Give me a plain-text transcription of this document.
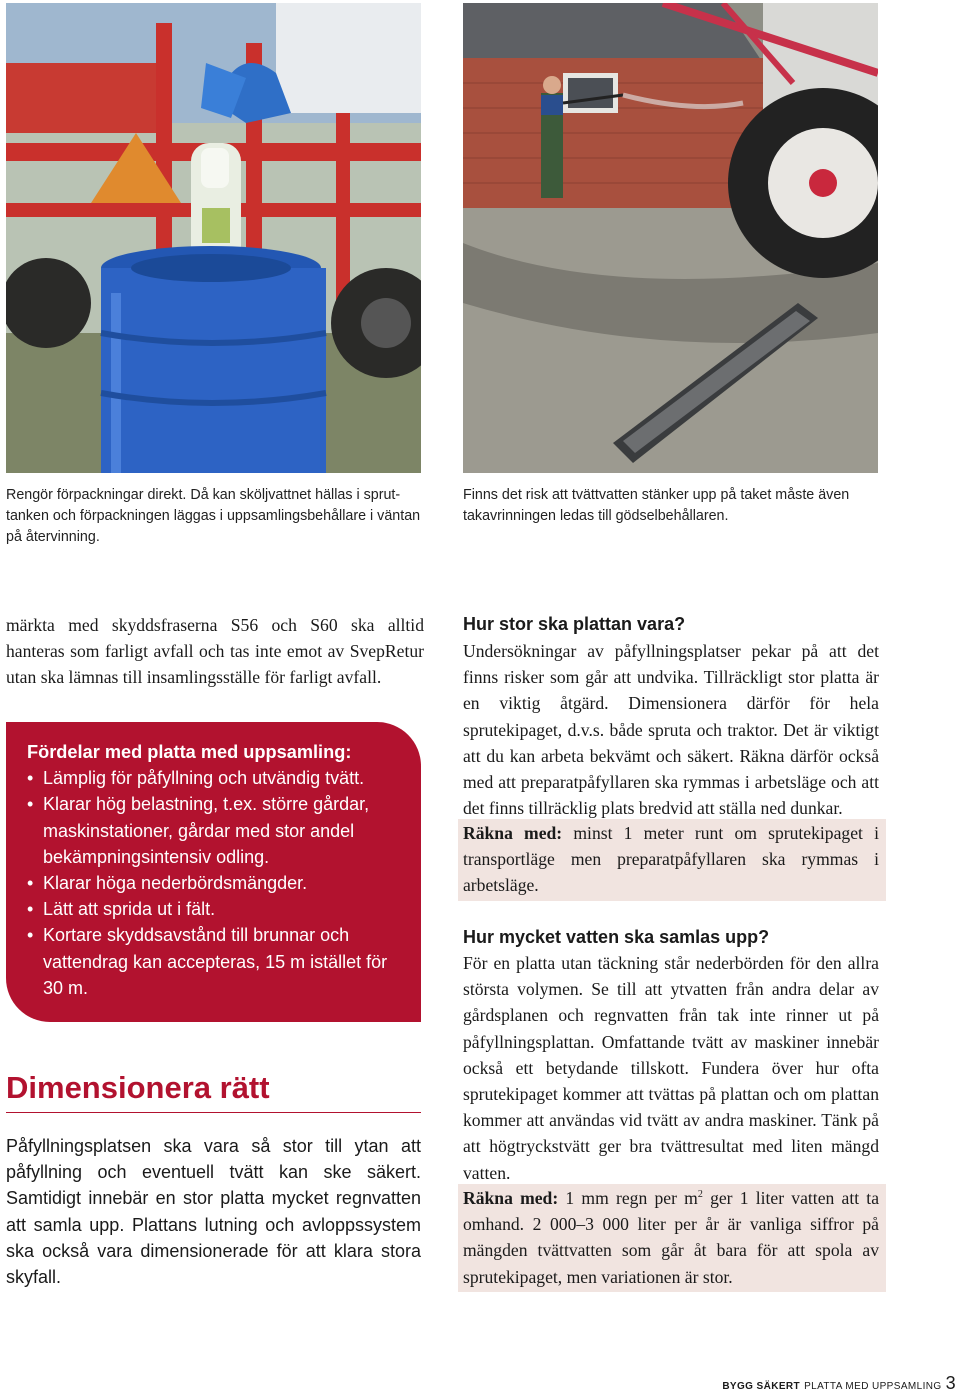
Rengör förpackningar direkt. Då kan sköljvattnet hällas i sprut-tanken och förpackningen läggas i uppsamlingsbehållare i väntan på återvinning.
Finns det risk att tvättvatten stänker upp på taket måste även takavrinningen ledas till gödselbehållaren.
märkta med skyddsfraserna S56 och S60 ska alltid hanteras som farligt avfall och tas inte emot av SvepRetur utan ska lämnas till insamlingsställe för farligt avfall.
Fördelar med platta med uppsamling:
• Lämplig för påfyllning och utvändig tvätt.
• Klarar hög belastning, t.ex. större gårdar, maskinstationer, gårdar med stor andel bekämpningsintensiv odling.
• Klarar höga nederbördsmängder.
• Lätt att sprida ut i fält.
• Kortare skyddsavstånd till brunnar och vattendrag kan accepteras, 15 m istället för 30 m.
Dimensionera rätt
Påfyllningsplatsen ska vara så stor till ytan att påfyllning och eventuell tvätt kan ske säkert. Samtidigt innebär en stor platta mycket regnvatten att samla upp. Plattans lutning och avloppssystem ska också vara dimensionerade för att klara stora skyfall.
Hur stor ska plattan vara?
Undersökningar av påfyllningsplatser pekar på att det finns risker som går att undvika. Tillräckligt stor platta är en viktig åtgärd. Dimensionera därför för hela sprutekipaget, d.v.s. både spruta och traktor. Det är viktigt att du kan arbeta bekvämt och säkert. Räkna därför också med att preparatpåfyllaren ska rymmas i arbetsläge och att det finns tillräcklig plats bredvid att ställa ned dunkar.
Räkna med: minst 1 meter runt om sprutekipaget i transportläge men preparatpåfyllaren ska rymmas i arbetsläge.
Hur mycket vatten ska samlas upp?
För en platta utan täckning står nederbörden för den allra största volymen. Se till att ytvatten från andra delar av gårdsplanen och regnvatten från tak inte rinner ut på påfyllningsplattan. Omfattande tvätt av maskiner innebär också ett betydande tillskott. Fundera över hur ofta sprutekipaget kommer att tvättas på plattan och om plattan kommer att användas vid tvätt av andra maskiner. Tänk på att högtryckstvätt ger bra tvättresultat med liten mängd vatten.
Räkna med: 1 mm regn per $m^2$ ger 1 liter vatten att ta omhand. 2 000–3 000 liter per år är vanliga siffror på mängden tvättvatten som går åt bara för att spola av sprutekipaget, men variationen är stor.
BYGG SÄKERT PLATTA MED UPPSAMLING 3
